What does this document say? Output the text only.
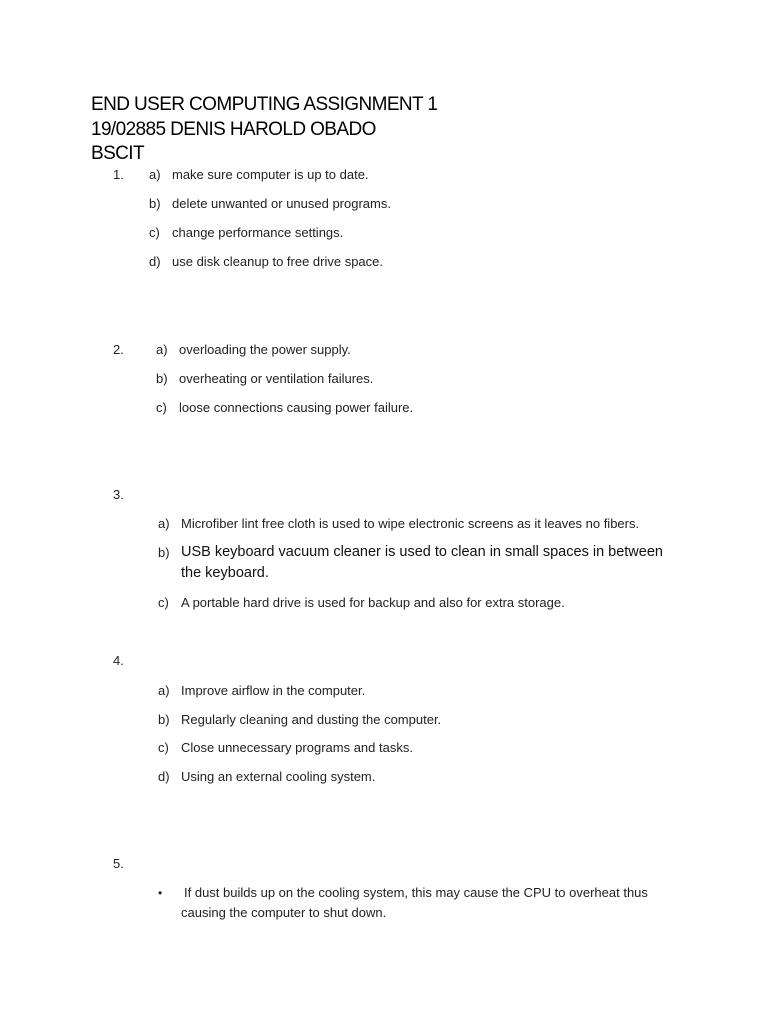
END USER COMPUTING ASSIGNMENT 1
19/02885 DENIS HAROLD OBADO
BSCIT
1. a) make sure computer is up to date.
b) delete unwanted or unused programs.
c) change performance settings.
d) use disk cleanup to free drive space.
2. a) overloading the power supply.
b) overheating or ventilation failures.
c) loose connections causing power failure.
3.
a) Microfiber lint free cloth is used to wipe electronic screens as it leaves no fibers.
b) USB keyboard vacuum cleaner is used to clean in small spaces in between
the keyboard.
c) A portable hard drive is used for backup and also for extra storage.
4.
a) Improve airflow in the computer.
b) Regularly cleaning and dusting the computer.
c) Close unnecessary programs and tasks.
d) Using an external cooling system.
5.
• If dust builds up on the cooling system, this may cause the CPU to overheat thus
causing the computer to shut down.
